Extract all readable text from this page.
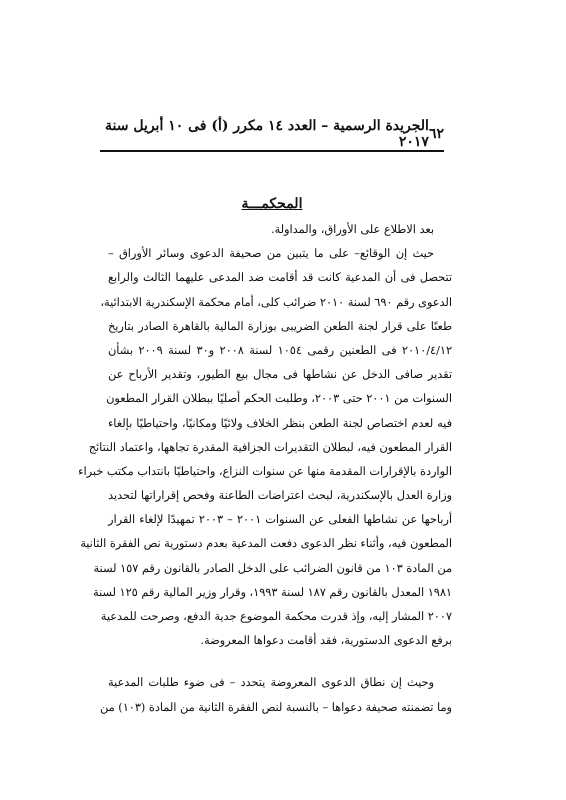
٦٢
الجريدة الرسمية – العدد ١٤ مكرر (أ) فى ١٠ أبريل سنة ٢٠١٧
المحكمـــة
بعد الاطلاع على الأوراق، والمداولة.
حيث إن الوقائع– على ما يتبين من صحيفة الدعوى وسائر الأوراق –
تتحصل فى أن المدعية كانت قد أقامت ضد المدعى عليهما الثالث والرابع
الدعوى رقم ٦٩٠ لسنة ٢٠١٠ ضرائب كلى، أمام محكمة الإسكندرية الابتدائية،
طعنًا على قرار لجنة الطعن الضريبى بوزارة المالية بالقاهرة الصادر بتاريخ
٢٠١٠/٤/١٢ فى الطعنين رقمى ١٠٥٤ لسنة ٢٠٠٨ و٣٠ لسنة ٢٠٠٩ بشأن
تقدير صافى الدخل عن نشاطها فى مجال بيع الطيور، وتقدير الأرباح عن
السنوات من ٢٠٠١ حتى ٢٠٠٣، وطلبت الحكم أصليًا ببطلان القرار المطعون
فيه لعدم اختصاص لجنة الطعن بنظر الخلاف ولائيًا ومكانيًا، واحتياطيًا بإلغاء
القرار المطعون فيه، لبطلان التقديرات الجزافية المقدرة تجاهها، واعتماد النتائج
الواردة بالإقرارات المقدمة منها عن سنوات النزاع، واحتياطيًا بانتداب مكتب خبراء
وزارة العدل بالإسكندرية، لبحث اعتراضات الطاعنة وفحص إقراراتها لتحديد
أرباحها عن نشاطها الفعلى عن السنوات ٢٠٠١ – ٢٠٠٣ تمهيدًا لإلغاء القرار
المطعون فيه، وأثناء نظر الدعوى دفعت المدعية بعدم دستورية نص الفقرة الثانية
من المادة ١٠٣ من قانون الضرائب على الدخل الصادر بالقانون رقم ١٥٧ لسنة
١٩٨١ المعدل بالقانون رقم ١٨٧ لسنة ١٩٩٣، وقرار وزير المالية رقم ١٢٥ لسنة
٢٠٠٧ المشار إليه، وإذ قدرت محكمة الموضوع جدية الدفع، وصرحت للمدعية
برفع الدعوى الدستورية، فقد أقامت دعواها المعروضة.
وحيث إن نطاق الدعوى المعروضة يتحدد – فى ضوء طلبات المدعية
وما تضمنته صحيفة دعواها – بالنسبة لنص الفقرة الثانية من المادة (١٠٣) من
